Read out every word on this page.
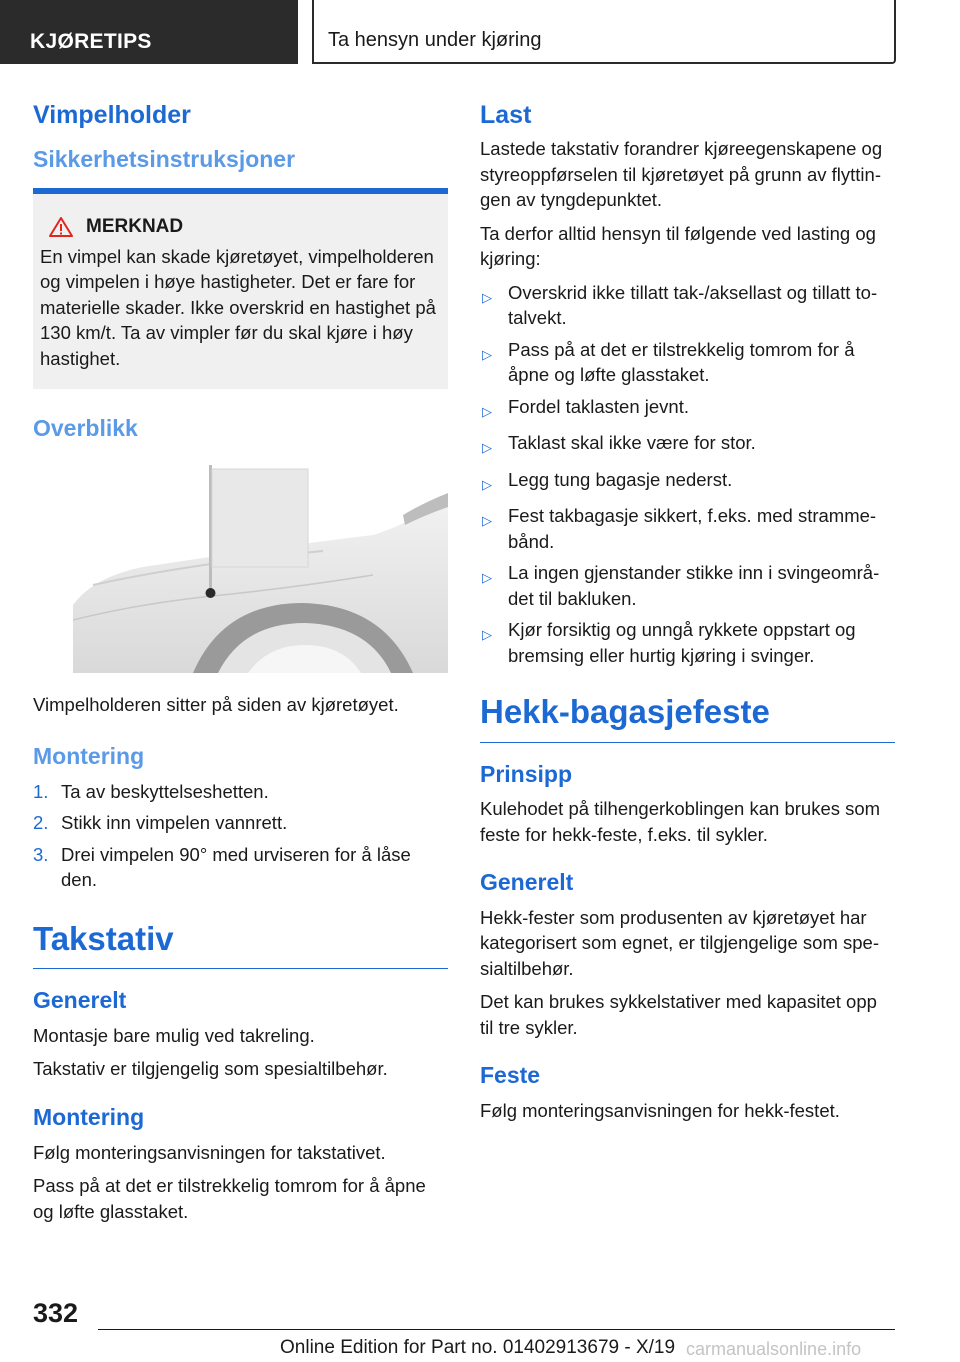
KJØRETIPS	Ta hensyn under kjøring
Vimpelholder
Sikkerhetsinstruksjoner
MERKNAD

En vimpel kan skade kjøretøyet, vimpelholderen og vimpelen i høye hastigheter. Det er fare for materielle skader. Ikke overskrid en hastighet på 130 km/t. Ta av vimpler før du skal kjøre i høy hastighet.

Overblikk

Vimpelholderen sitter på siden av kjøretøyet.

Montering
1. Ta av beskyttelseshetten.
2. Stikk inn vimpelen vannrett.
3. Drei vimpelen 90° med urviseren for å låse den.
Takstativ
Generelt

Montasje bare mulig ved takreling.

Takstativ er tilgjengelig som spesialtilbehør.

Montering

Følg monteringsanvisningen for takstativet.

Pass på at det er tilstrekkelig tomrom for å åpne og løfte glasstaket.

Last

Lastede takstativ forandrer kjøreegenskapene og styreoppførselen til kjøretøyet på grunn av flyttingen av tyngdepunktet.

Ta derfor alltid hensyn til følgende ved lasting og kjøring:

▷ Overskrid ikke tillatt tak-/aksellast og tillatt totalvekt.
▷ Pass på at det er tilstrekkelig tomrom for å åpne og løfte glasstaket.
▷ Fordel taklasten jevnt.
▷ Taklast skal ikke være for stor.
▷ Legg tung bagasje nederst.
▷ Fest takbagasje sikkert, f.eks. med strammebånd.
▷ La ingen gjenstander stikke inn i svingeområdet til bakluken.
▷ Kjør forsiktig og unngå rykkete oppstart og bremsing eller hurtig kjøring i svinger.
Hekk-bagasjefeste
Prinsipp

Kulehodet på tilhengerkoblingen kan brukes som feste for hekk-feste, f.eks. til sykler.

Generelt

Hekk-fester som produsenten av kjøretøyet har kategorisert som egnet, er tilgjengelige som spesialtilbehør.

Det kan brukes sykkelstativer med kapasitet opp til tre sykler.

Feste

Følg monteringsanvisningen for hekk-festet.

332
Online Edition for Part no. 01402913679 - X/19 carmanualsonline.info
